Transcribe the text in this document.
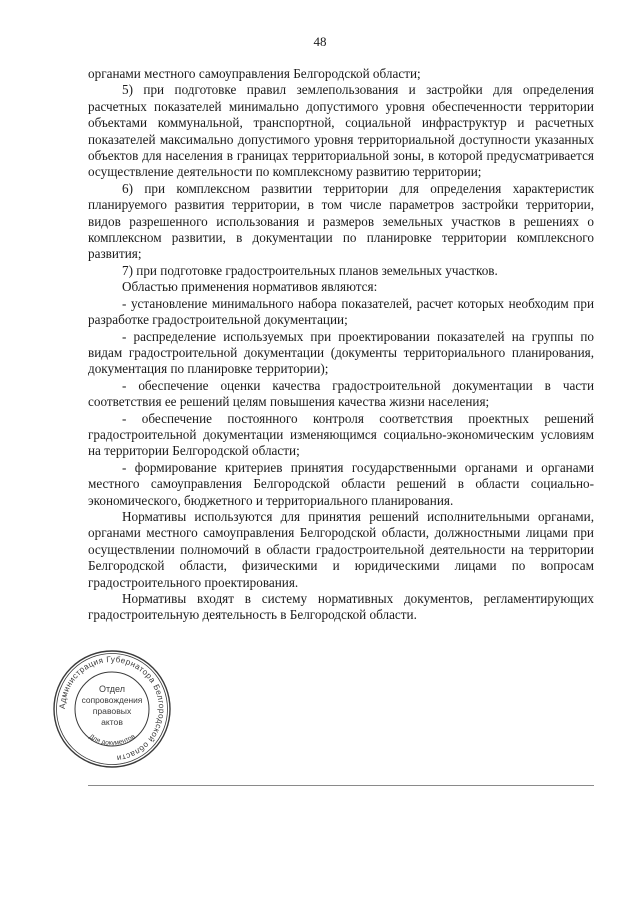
48

органами местного самоуправления Белгородской области;

5) при подготовке правил землепользования и застройки для определения расчетных показателей минимально допустимого уровня обеспеченности территории объектами коммунальной, транспортной, социальной инфраструктур и расчетных показателей максимально допустимого уровня территориальной доступности указанных объектов для населения в границах территориальной зоны, в которой предусматривается осуществление деятельности по комплексному развитию территории;

6) при комплексном развитии территории для определения характеристик планируемого развития территории, в том числе параметров застройки территории, видов разрешенного использования и размеров земельных участков в решениях о комплексном развитии, в документации по планировке территории комплексного развития;

7) при подготовке градостроительных планов земельных участков.

Областью применения нормативов являются:

- установление минимального набора показателей, расчет которых необходим при разработке градостроительной документации;

- распределение используемых при проектировании показателей на группы по видам градостроительной документации (документы территориального планирования, документация по планировке территории);

- обеспечение оценки качества градостроительной документации в части соответствия ее решений целям повышения качества жизни населения;

- обеспечение постоянного контроля соответствия проектных решений градостроительной документации изменяющимся социально-экономическим условиям на территории Белгородской области;

- формирование критериев принятия государственными органами и органами местного самоуправления Белгородской области решений в области социально-экономического, бюджетного и территориального планирования.

Нормативы используются для принятия решений исполнительными органами, органами местного самоуправления Белгородской области, должностными лицами при осуществлении полномочий в области градостроительной деятельности на территории Белгородской области, физическими и юридическими лицами по вопросам градостроительного проектирования.

Нормативы входят в систему нормативных документов, регламентирующих градостроительную деятельность в Белгородской области.

Администрация Губернатора Белгородской области
Отдел
сопровождения
правовых
актов
Для документов
